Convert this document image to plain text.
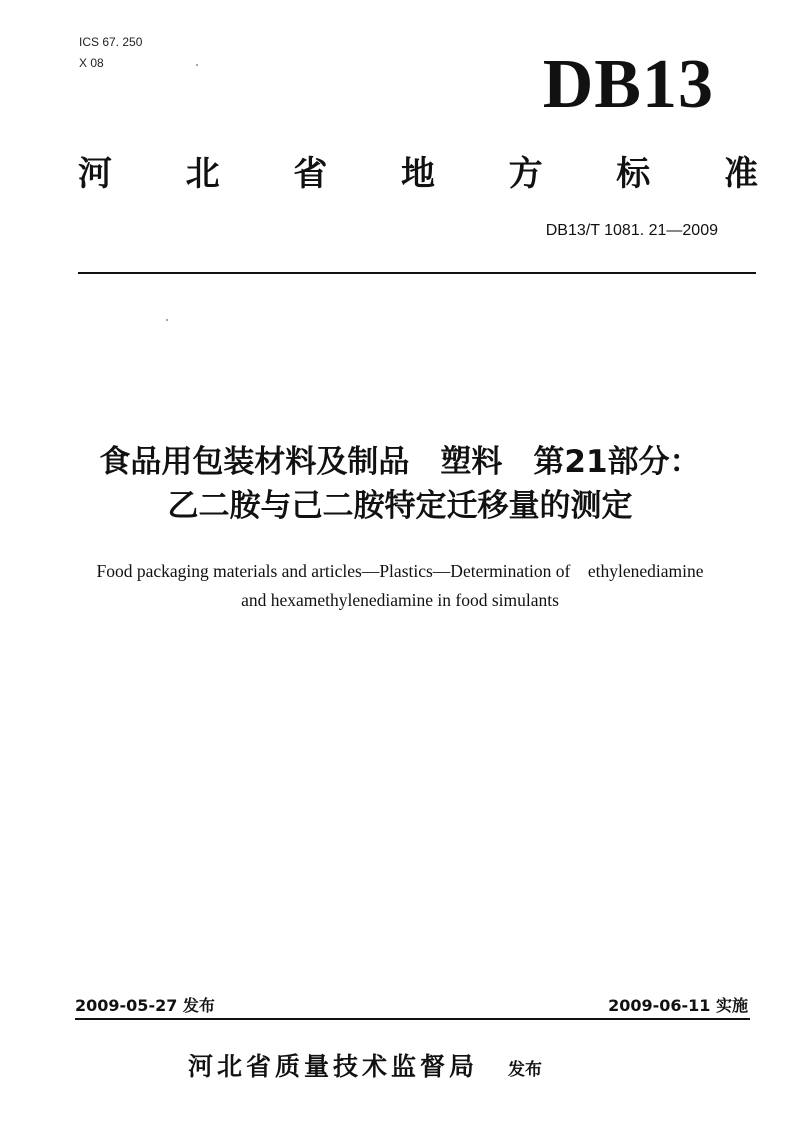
ICS 67. 250
X 08	DB13
河 北 省 地 方 标 准
DB13/T 1081. 21—2009
食品用包装材料及制品　塑料　第21部分：
乙二胺与己二胺特定迁移量的测定
Food packaging materials and articles—Plastics—Determination of    ethylenediamine
and hexamethylenediamine in food simulants
2009-05-27 发布	2009-06-11 实施
河北省质量技术监督局 发布
